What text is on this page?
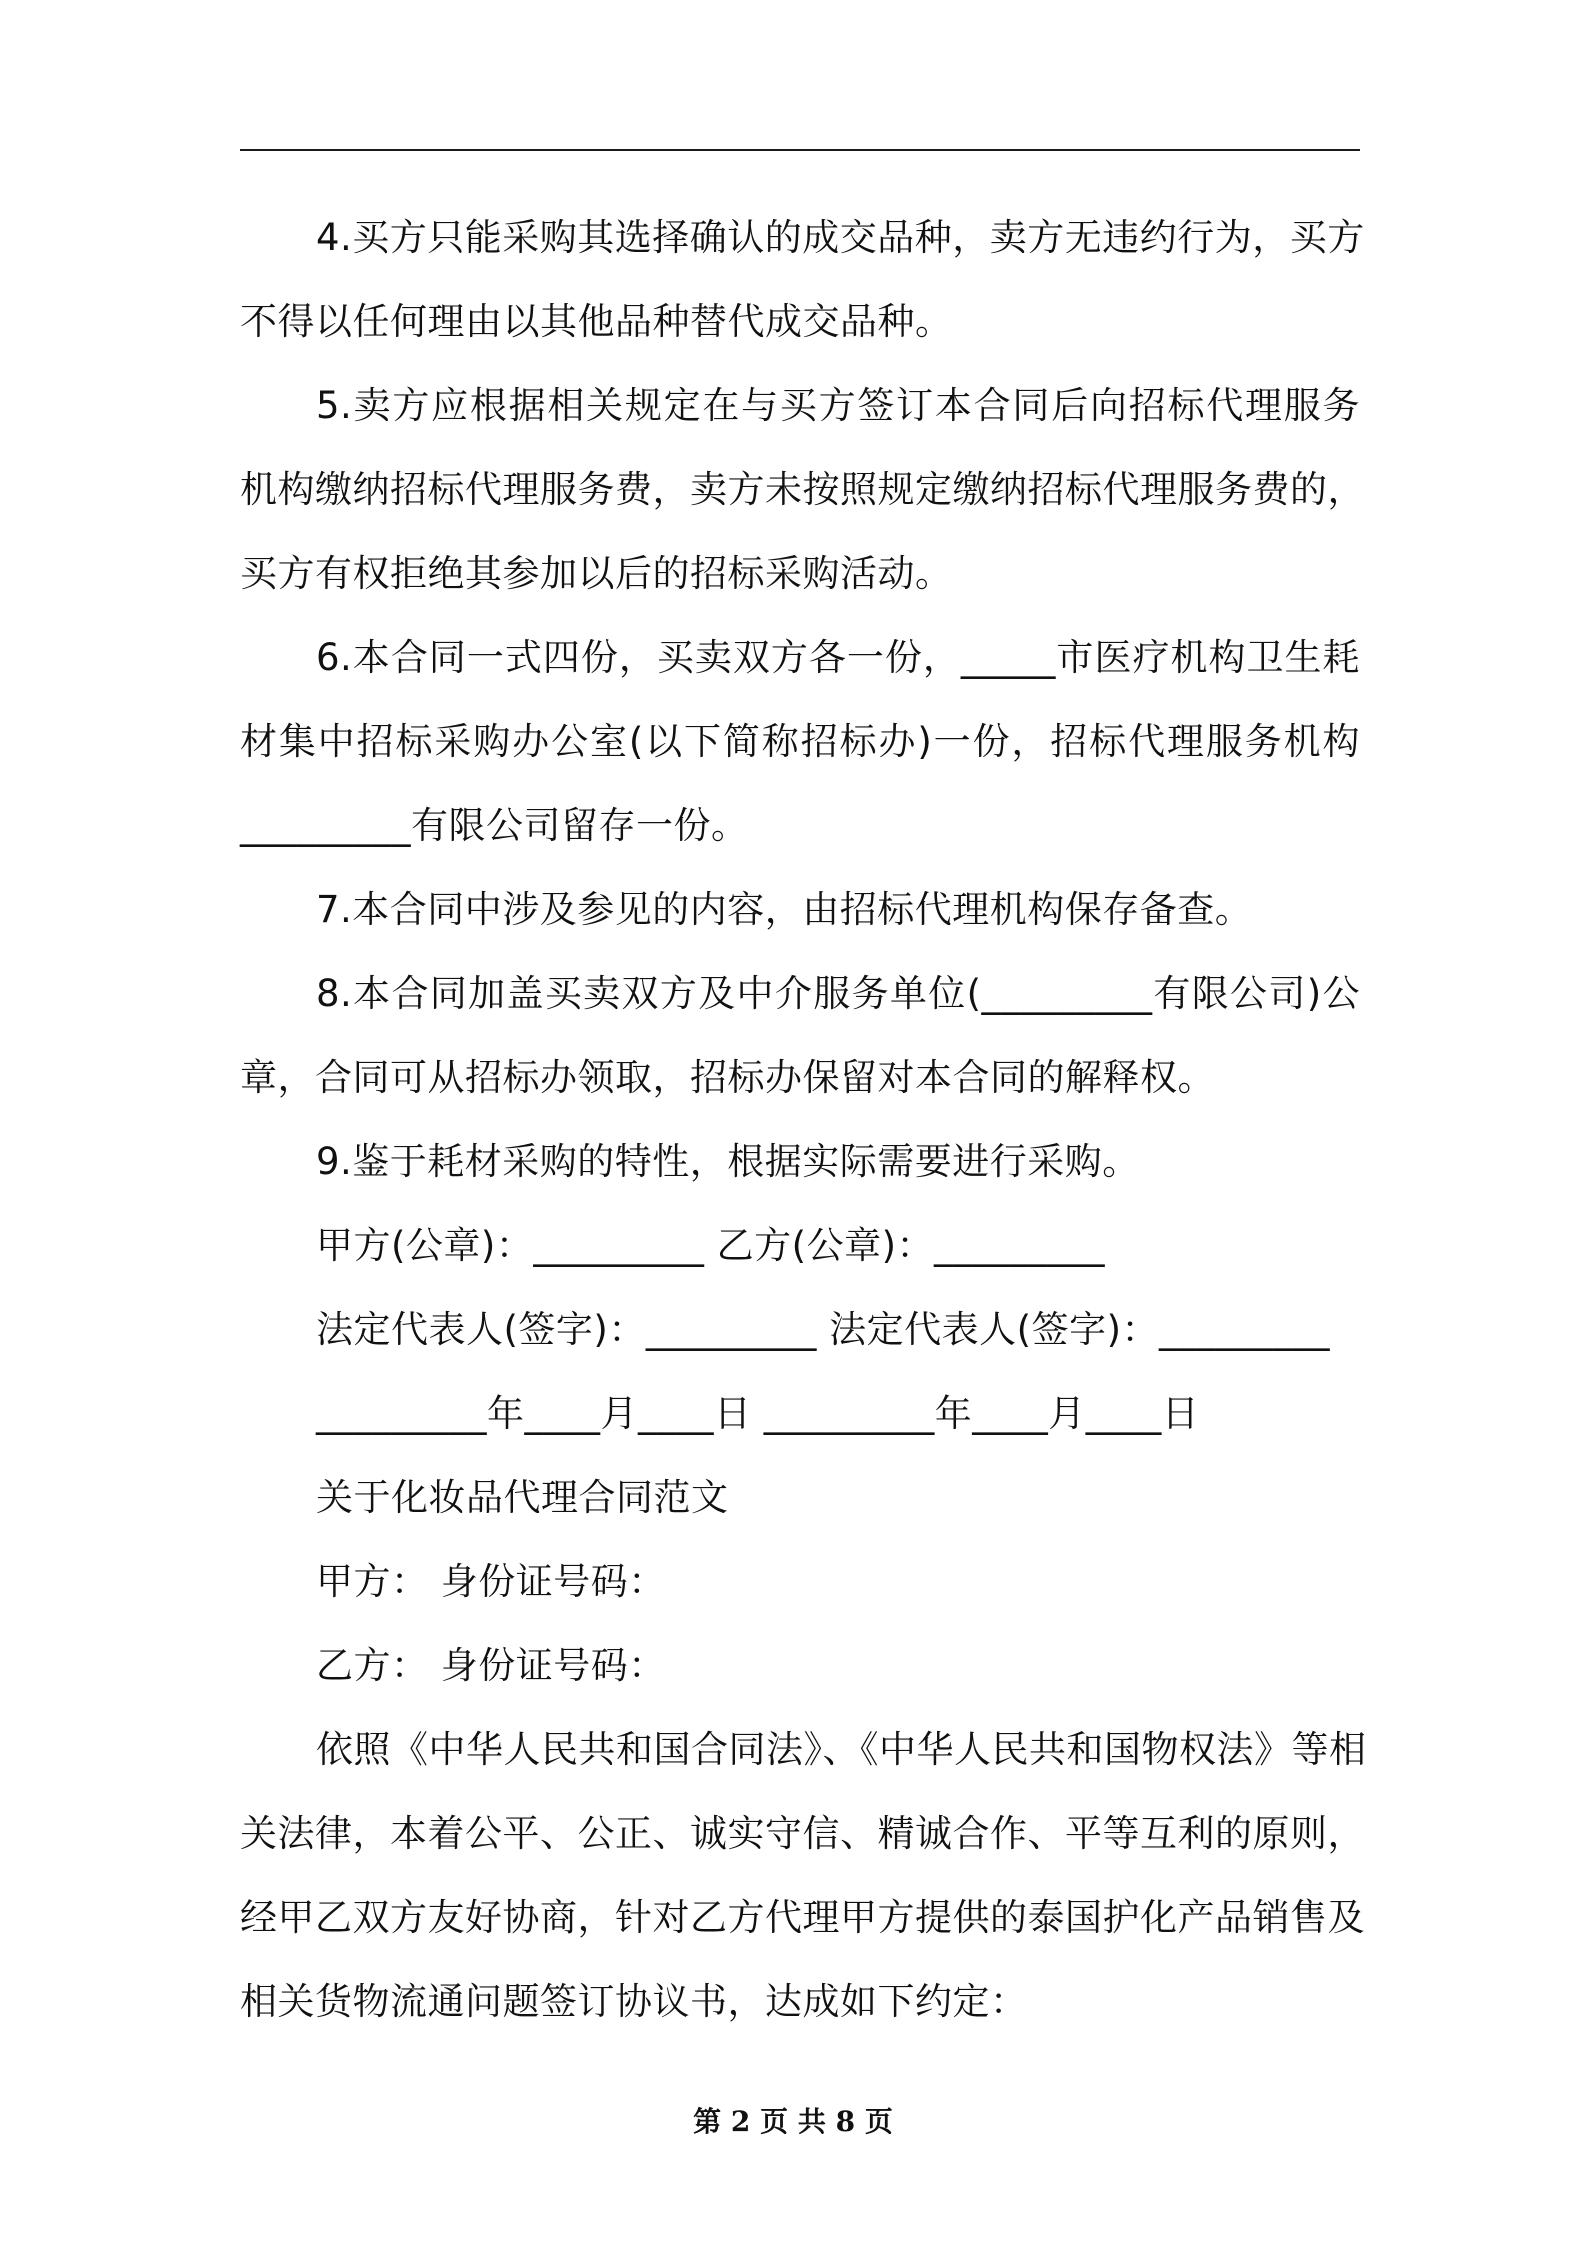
4.买方只能采购其选择确认的成交品种，卖方无违约行为，买方

不得以任何理由以其他品种替代成交品种。

5.卖方应根据相关规定在与买方签订本合同后向招标代理服务

机构缴纳招标代理服务费，卖方未按照规定缴纳招标代理服务费的，

买方有权拒绝其参加以后的招标采购活动。

6.本合同一式四份，买卖双方各一份，_____市医疗机构卫生耗

材集中招标采购办公室(以下简称招标办)一份，招标代理服务机构

_________有限公司留存一份。

7.本合同中涉及参见的内容，由招标代理机构保存备查。

8.本合同加盖买卖双方及中介服务单位(_________有限公司)公

章，合同可从招标办领取，招标办保留对本合同的解释权。

9.鉴于耗材采购的特性，根据实际需要进行采购。

甲方(公章)：_________ 乙方(公章)：_________

法定代表人(签字)：_________ 法定代表人(签字)：_________

_________年____月____日 _________年____月____日

关于化妆品代理合同范文

甲方： 身份证号码：

乙方： 身份证号码：

依照《中华人民共和国合同法》、《中华人民共和国物权法》等相

关法律，本着公平、公正、诚实守信、精诚合作、平等互利的原则，

经甲乙双方友好协商，针对乙方代理甲方提供的泰国护化产品销售及

相关货物流通问题签订协议书，达成如下约定：

第 2 页 共 8 页
